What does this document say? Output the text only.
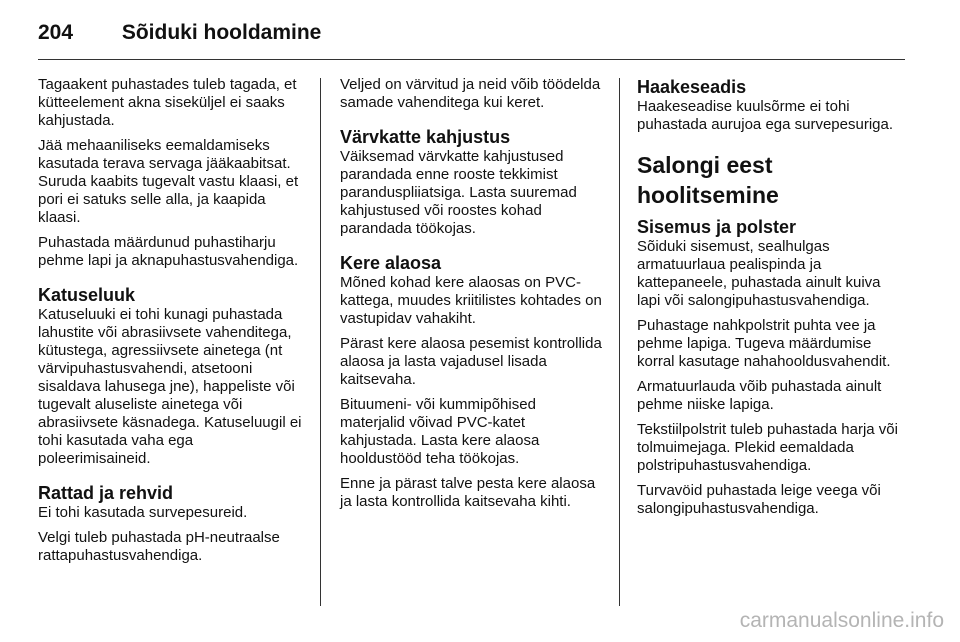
204 Sõiduki hooldamine

Tagaakent puhastades tuleb tagada, et kütteelement akna siseküljel ei saaks kahjustada.

Jää mehaaniliseks eemaldamiseks kasutada terava servaga jääkaabitsat. Suruda kaabits tugevalt vastu klaasi, et pori ei satuks selle alla, ja kaapida klaasi.

Puhastada määrdunud puhastiharju pehme lapi ja aknapuhastusvahendiga.

Katuseluuk

Katuseluuki ei tohi kunagi puhastada lahustite või abrasiivsete vahenditega, kütustega, agressiivsete ainetega (nt värvipuhastusvahendi, atsetooni sisaldava lahusega jne), happeliste või tugevalt aluseliste ainetega või abrasiivsete käsnadega. Katuseluugil ei tohi kasutada vaha ega poleerimisaineid.

Rattad ja rehvid

Ei tohi kasutada survepesureid.

Velgi tuleb puhastada pH-neutraalse rattapuhastusvahendiga.

Veljed on värvitud ja neid võib töödelda samade vahenditega kui keret.

Värvkatte kahjustus

Väiksemad värvkatte kahjustused parandada enne rooste tekkimist paranduspliiatsiga. Lasta suuremad kahjustused või roostes kohad parandada töökojas.

Kere alaosa

Mõned kohad kere alaosas on PVC-kattega, muudes kriitilistes kohtades on vastupidav vahakiht.

Pärast kere alaosa pesemist kontrollida alaosa ja lasta vajadusel lisada kaitsevaha.

Bituumeni- või kummipõhised materjalid võivad PVC-katet kahjustada. Lasta kere alaosa hooldustööd teha töökojas.

Enne ja pärast talve pesta kere alaosa ja lasta kontrollida kaitsevaha kihti.

Haakeseadis

Haakeseadise kuulsõrme ei tohi puhastada aurujoa ega survepesuriga.

Salongi eest hoolitsemine
Sisemus ja polster

Sõiduki sisemust, sealhulgas armatuurlaua pealispinda ja kattepaneele, puhastada ainult kuiva lapi või salongipuhastusvahendiga.

Puhastage nahkpolstrit puhta vee ja pehme lapiga. Tugeva määrdumise korral kasutage nahahooldusvahendit.

Armatuurlauda võib puhastada ainult pehme niiske lapiga.

Tekstiilpolstrit tuleb puhastada harja või tolmuimejaga. Plekid eemaldada polstripuhastusvahendiga.

Turvavöid puhastada leige veega või salongipuhastusvahendiga.

carmanualsonline.info
